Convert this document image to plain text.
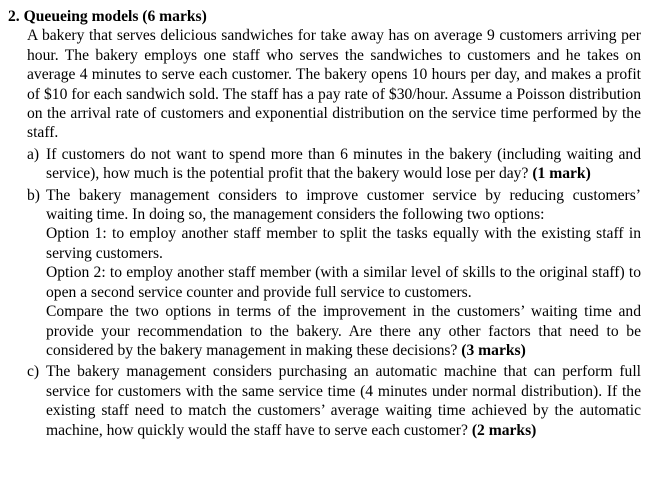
2. Queueing models (6 marks)

A bakery that serves delicious sandwiches for take away has on average 9 customers arriving per hour. The bakery employs one staff who serves the sandwiches to customers and he takes on average 4 minutes to serve each customer. The bakery opens 10 hours per day, and makes a profit of $10 for each sandwich sold. The staff has a pay rate of $30/hour. Assume a Poisson distribution on the arrival rate of customers and exponential distribution on the service time performed by the staff.

a) If customers do not want to spend more than 6 minutes in the bakery (including waiting and service), how much is the potential profit that the bakery would lose per day? (1 mark)

b) The bakery management considers to improve customer service by reducing customers’ waiting time. In doing so, the management considers the following two options:

Option 1: to employ another staff member to split the tasks equally with the existing staff in serving customers.

Option 2: to employ another staff member (with a similar level of skills to the original staff) to open a second service counter and provide full service to customers.

Compare the two options in terms of the improvement in the customers’ waiting time and provide your recommendation to the bakery. Are there any other factors that need to be considered by the bakery management in making these decisions? (3 marks)

c) The bakery management considers purchasing an automatic machine that can perform full service for customers with the same service time (4 minutes under normal distribution). If the existing staff need to match the customers’ average waiting time achieved by the automatic machine, how quickly would the staff have to serve each customer? (2 marks)
